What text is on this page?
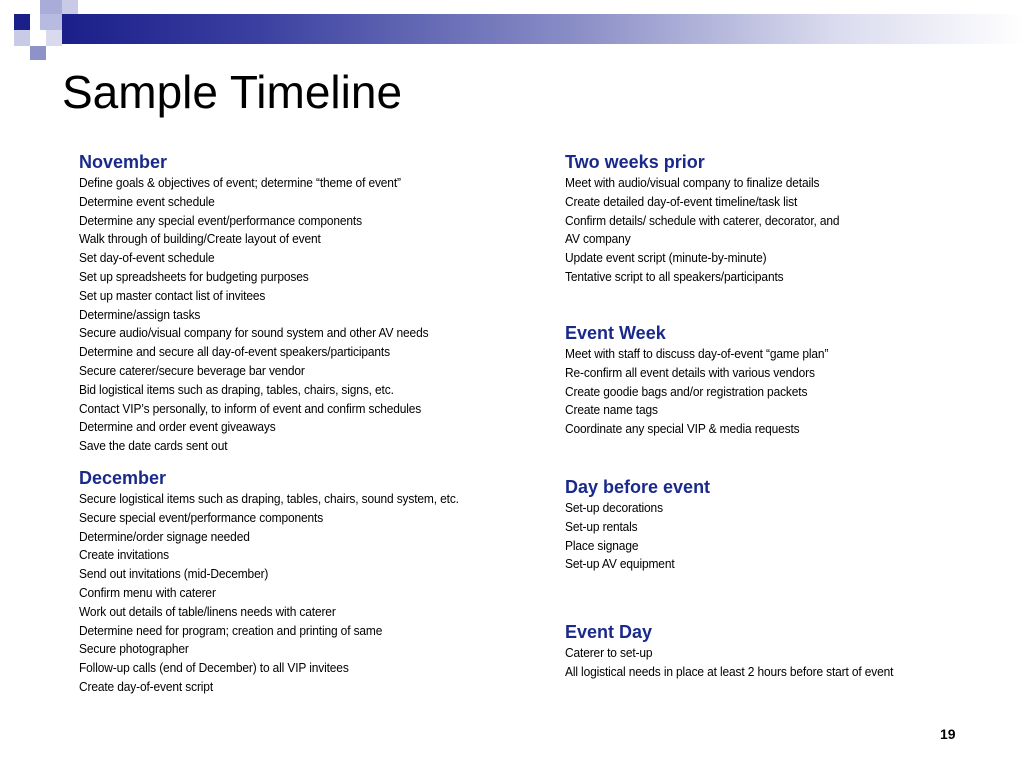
Sample Timeline
November
Define goals & objectives of event; determine “theme of event”
Determine event schedule
Determine any special event/performance components
Walk through of building/Create layout of event
Set day-of-event schedule
Set up spreadsheets for budgeting purposes
Set up master contact list of invitees
Determine/assign tasks
Secure audio/visual company for sound system and other AV needs
Determine and secure all day-of-event speakers/participants
Secure caterer/secure beverage bar vendor
Bid logistical items such as draping, tables, chairs, signs, etc.
Contact VIP’s personally, to inform of event and confirm schedules
Determine and order event giveaways
Save the date cards sent out
December
Secure logistical items such as draping, tables, chairs, sound system, etc.
Secure special event/performance components
Determine/order signage needed
Create invitations
Send out invitations (mid-December)
Confirm menu with caterer
Work out details of table/linens needs with caterer
Determine need for program; creation and printing of same
Secure photographer
Follow-up calls (end of December) to all VIP invitees
Create day-of-event script
Two weeks prior
Meet with audio/visual company to finalize details
Create detailed day-of-event timeline/task list
Confirm details/ schedule with caterer, decorator, and
AV company
Update event script (minute-by-minute)
Tentative script to all speakers/participants
Event Week
Meet with staff to discuss day-of-event “game plan”
Re-confirm all event details with various vendors
Create goodie bags and/or registration packets
Create name tags
Coordinate any special VIP & media requests
Day before event
Set-up decorations
Set-up rentals
Place signage
Set-up AV equipment
Event Day
Caterer to set-up
All logistical needs in place at least 2 hours before start of event
19
